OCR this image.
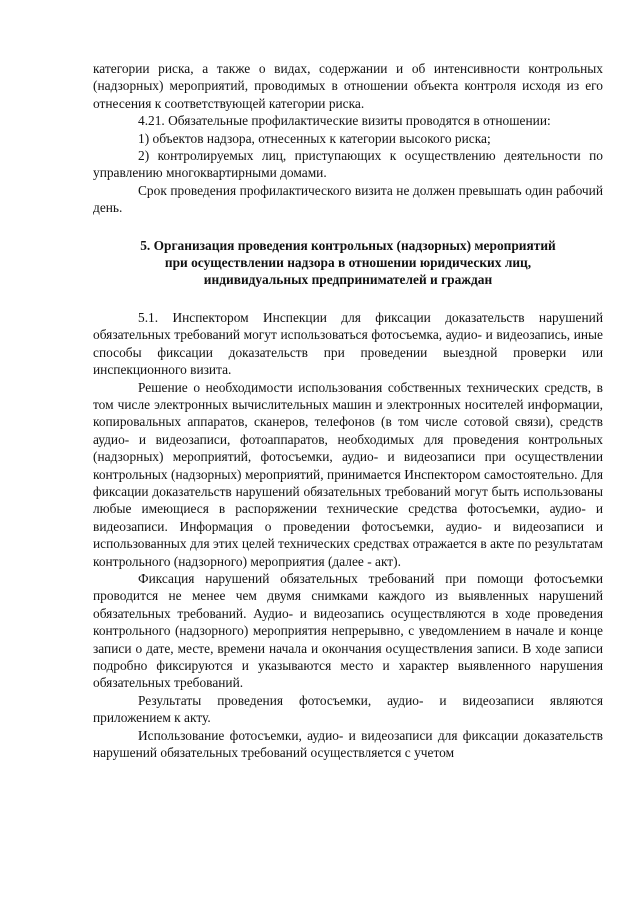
категории риска, а также о видах, содержании и об интенсивности контрольных (надзорных) мероприятий, проводимых в отношении объекта контроля исходя из его отнесения к соответствующей категории риска.

4.21. Обязательные профилактические визиты проводятся в отношении:

1) объектов надзора, отнесенных к категории высокого риска;

2) контролируемых лиц, приступающих к осуществлению деятельности по управлению многоквартирными домами.

Срок проведения профилактического визита не должен превышать один рабочий день.

5. Организация проведения контрольных (надзорных) мероприятий
при осуществлении надзора в отношении юридических лиц,
индивидуальных предпринимателей и граждан

5.1. Инспектором Инспекции для фиксации доказательств нарушений обязательных требований могут использоваться фотосъемка, аудио- и видеозапись, иные способы фиксации доказательств при проведении выездной проверки или инспекционного визита.

Решение о необходимости использования собственных технических средств, в том числе электронных вычислительных машин и электронных носителей информации, копировальных аппаратов, сканеров, телефонов (в том числе сотовой связи), средств аудио- и видеозаписи, фотоаппаратов, необходимых для проведения контрольных (надзорных) мероприятий, фотосъемки, аудио- и видеозаписи при осуществлении контрольных (надзорных) мероприятий, принимается Инспектором самостоятельно. Для фиксации доказательств нарушений обязательных требований могут быть использованы любые имеющиеся в распоряжении технические средства фотосъемки, аудио- и видеозаписи. Информация о проведении фотосъемки, аудио- и видеозаписи и использованных для этих целей технических средствах отражается в акте по результатам контрольного (надзорного) мероприятия (далее - акт).

Фиксация нарушений обязательных требований при помощи фотосъемки проводится не менее чем двумя снимками каждого из выявленных нарушений обязательных требований. Аудио- и видеозапись осуществляются в ходе проведения контрольного (надзорного) мероприятия непрерывно, с уведомлением в начале и конце записи о дате, месте, времени начала и окончания осуществления записи. В ходе записи подробно фиксируются и указываются место и характер выявленного нарушения обязательных требований.

Результаты проведения фотосъемки, аудио- и видеозаписи являются приложением к акту.

Использование фотосъемки, аудио- и видеозаписи для фиксации доказательств нарушений обязательных требований осуществляется с учетом
